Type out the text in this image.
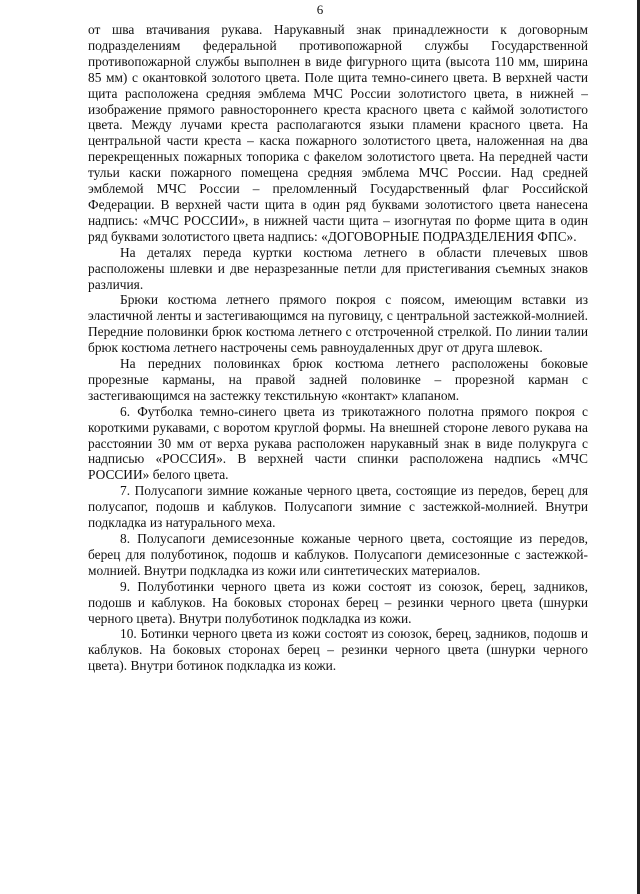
6

от шва втачивания рукава. Нарукавный знак принадлежности к договорным подразделениям федеральной противопожарной службы Государственной противопожарной службы выполнен в виде фигурного щита (высота 110 мм, ширина 85 мм) с окантовкой золотого цвета. Поле щита темно-синего цвета. В верхней части щита расположена средняя эмблема МЧС России золотистого цвета, в нижней – изображение прямого равностороннего креста красного цвета с каймой золотистого цвета. Между лучами креста располагаются языки пламени красного цвета. На центральной части креста – каска пожарного золотистого цвета, наложенная на два перекрещенных пожарных топорика с факелом золотистого цвета. На передней части тульи каски пожарного помещена средняя эмблема МЧС России. Над средней эмблемой МЧС России – преломленный Государственный флаг Российской Федерации. В верхней части щита в один ряд буквами золотистого цвета нанесена надпись: «МЧС РОССИИ», в нижней части щита – изогнутая по форме щита в один ряд буквами золотистого цвета надпись: «ДОГОВОРНЫЕ ПОДРАЗДЕЛЕНИЯ ФПС».

На деталях переда куртки костюма летнего в области плечевых швов расположены шлевки и две неразрезанные петли для пристегивания съемных знаков различия.

Брюки костюма летнего прямого покроя с поясом, имеющим вставки из эластичной ленты и застегивающимся на пуговицу, с центральной застежкой-молнией. Передние половинки брюк костюма летнего с отстроченной стрелкой. По линии талии брюк костюма летнего настрочены семь равноудаленных друг от друга шлевок.

На передних половинках брюк костюма летнего расположены боковые прорезные карманы, на правой задней половинке – прорезной карман с застегивающимся на застежку текстильную «контакт» клапаном.

6. Футболка темно-синего цвета из трикотажного полотна прямого покроя с короткими рукавами, с воротом круглой формы. На внешней стороне левого рукава на расстоянии 30 мм от верха рукава расположен нарукавный знак в виде полукруга с надписью «РОССИЯ». В верхней части спинки расположена надпись «МЧС РОССИИ» белого цвета.

7. Полусапоги зимние кожаные черного цвета, состоящие из передов, берец для полусапог, подошв и каблуков. Полусапоги зимние с застежкой-молнией. Внутри подкладка из натурального меха.

8. Полусапоги демисезонные кожаные черного цвета, состоящие из передов, берец для полуботинок, подошв и каблуков. Полусапоги демисезонные с застежкой-молнией. Внутри подкладка из кожи или синтетических материалов.

9. Полуботинки черного цвета из кожи состоят из союзок, берец, задников, подошв и каблуков. На боковых сторонах берец – резинки черного цвета (шнурки черного цвета). Внутри полуботинок подкладка из кожи.

10. Ботинки черного цвета из кожи состоят из союзок, берец, задников, подошв и каблуков. На боковых сторонах берец – резинки черного цвета (шнурки черного цвета). Внутри ботинок подкладка из кожи.
